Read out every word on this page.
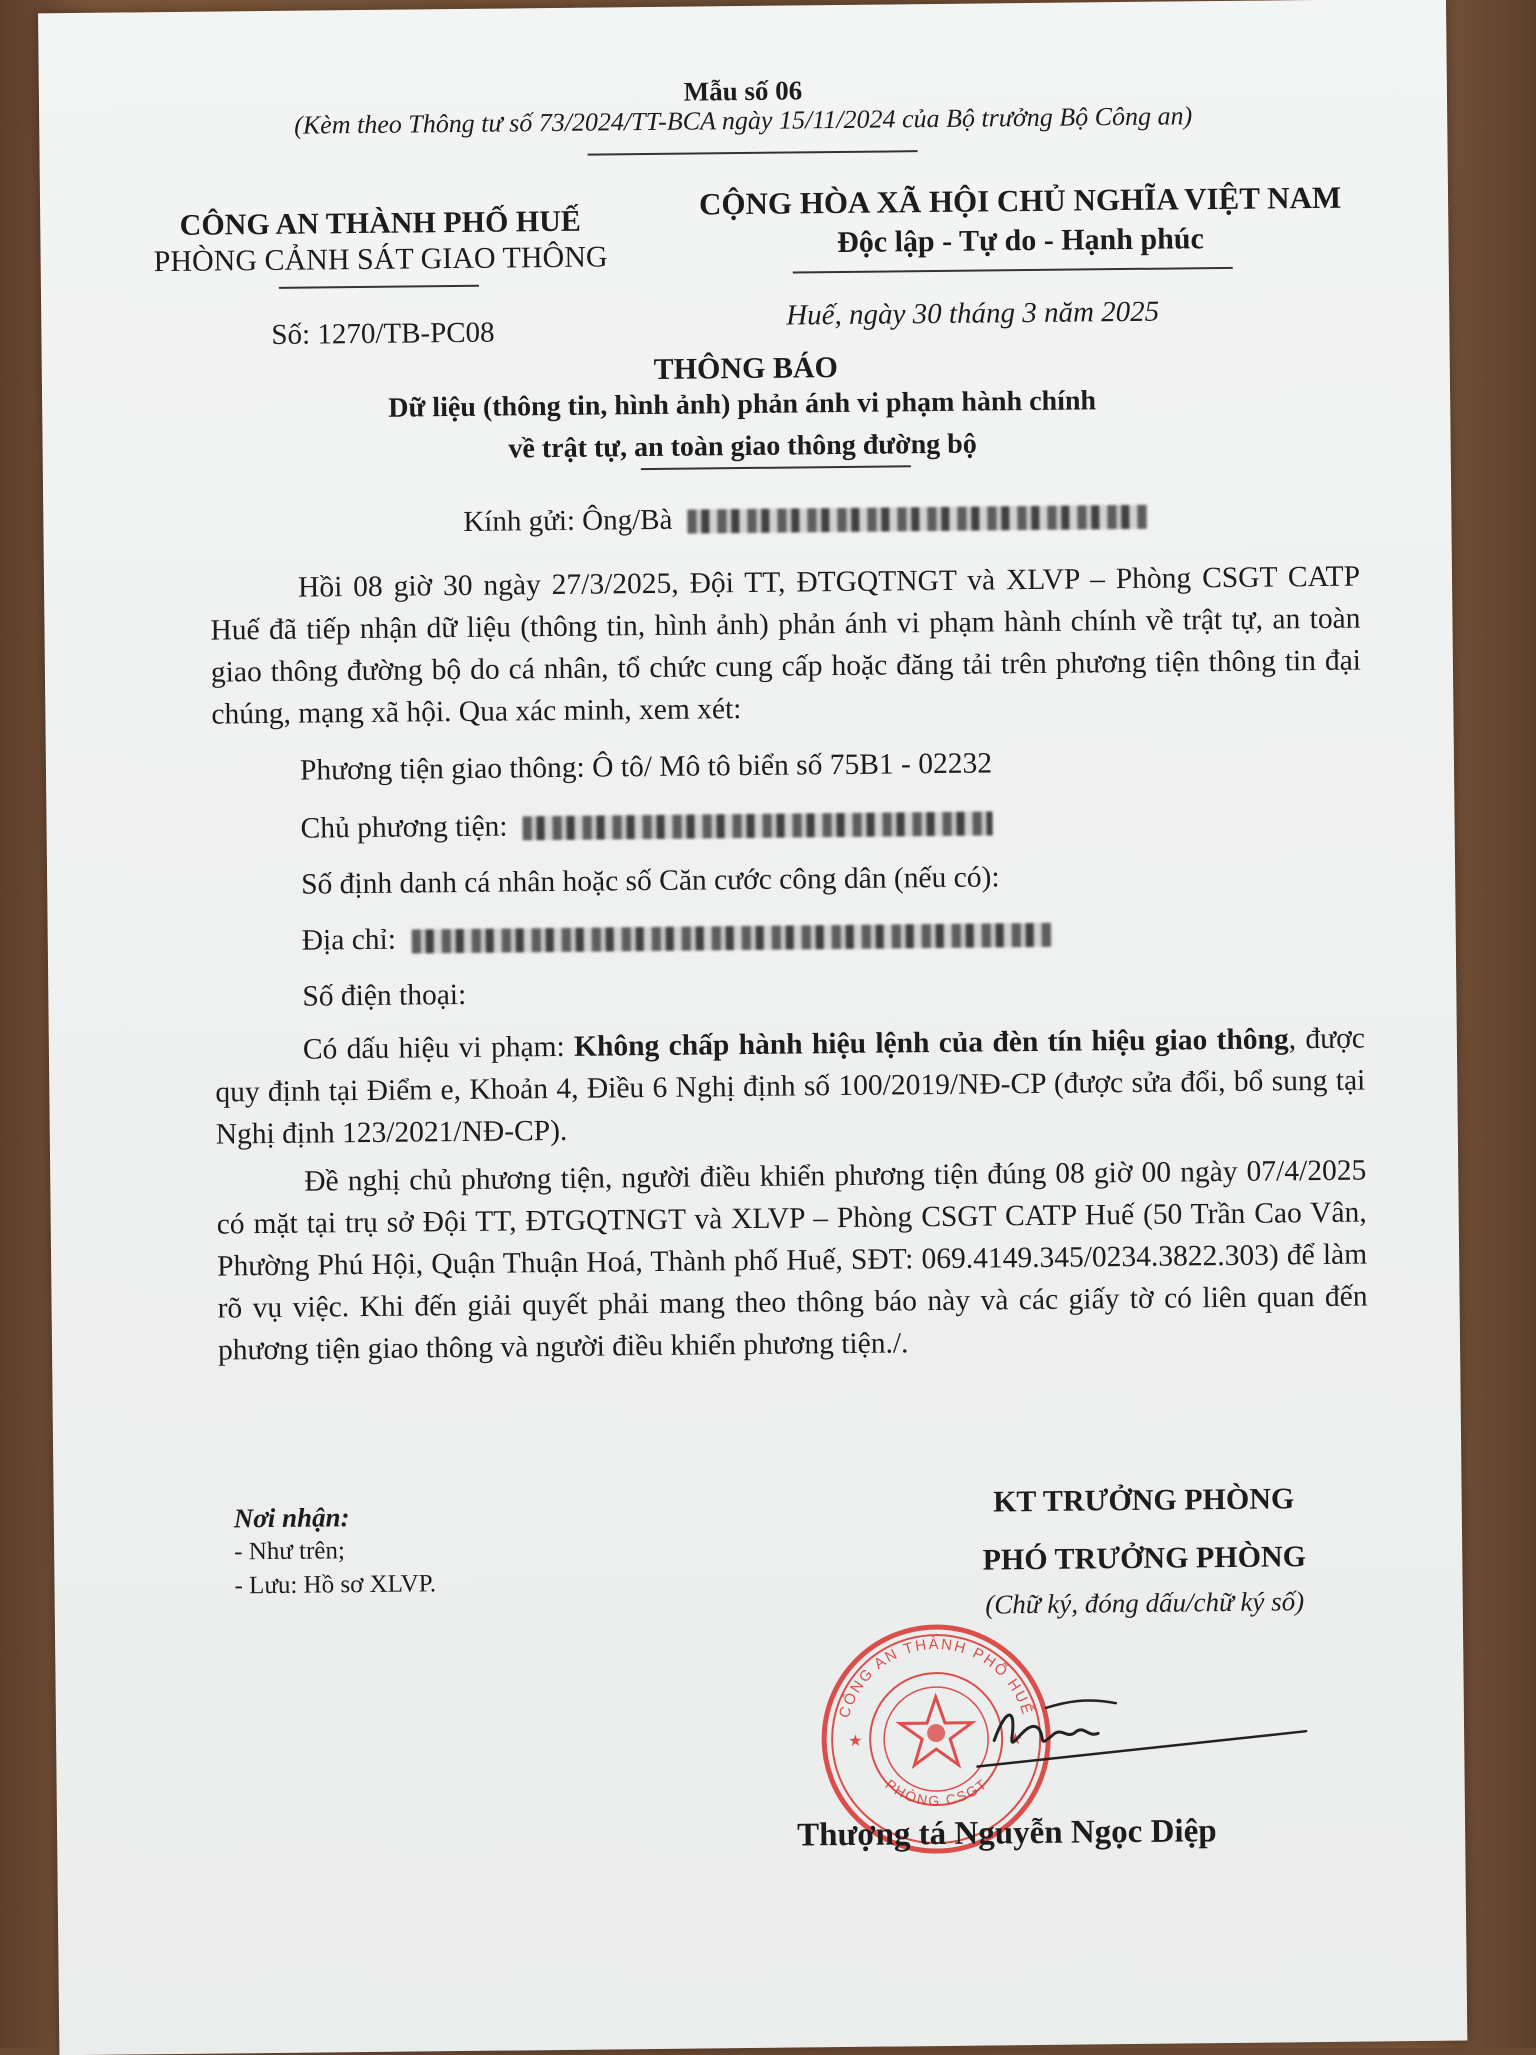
Mẫu số 06
(Kèm theo Thông tư số 73/2024/TT-BCA ngày 15/11/2024 của Bộ trưởng Bộ Công an)
CÔNG AN THÀNH PHỐ HUẾ
PHÒNG CẢNH SÁT GIAO THÔNG
CỘNG HÒA XÃ HỘI CHỦ NGHĨA VIỆT NAM
Độc lập - Tự do - Hạnh phúc
Số: 1270/TB-PC08
Huế, ngày 30 tháng 3 năm 2025
THÔNG BÁO
Dữ liệu (thông tin, hình ảnh) phản ánh vi phạm hành chính
về trật tự, an toàn giao thông đường bộ
Kính gửi: Ông/Bà

Hồi 08 giờ 30 ngày 27/3/2025, Đội TT, ĐTGQTNGT và XLVP – Phòng CSGT CATP Huế đã tiếp nhận dữ liệu (thông tin, hình ảnh) phản ánh vi phạm hành chính về trật tự, an toàn giao thông đường bộ do cá nhân, tổ chức cung cấp hoặc đăng tải trên phương tiện thông tin đại chúng, mạng xã hội. Qua xác minh, xem xét:

Phương tiện giao thông: Ô tô/ Mô tô biển số 75B1 - 02232
Chủ phương tiện:
Số định danh cá nhân hoặc số Căn cước công dân (nếu có):
Địa chỉ:
Số điện thoại:

Có dấu hiệu vi phạm: Không chấp hành hiệu lệnh của đèn tín hiệu giao thông, được quy định tại Điểm e, Khoản 4, Điều 6 Nghị định số 100/2019/NĐ-CP (được sửa đổi, bổ sung tại Nghị định 123/2021/NĐ-CP).

Đề nghị chủ phương tiện, người điều khiển phương tiện đúng 08 giờ 00 ngày 07/4/2025 có mặt tại trụ sở Đội TT, ĐTGQTNGT và XLVP – Phòng CSGT CATP Huế (50 Trần Cao Vân, Phường Phú Hội, Quận Thuận Hoá, Thành phố Huế, SĐT: 069.4149.345/0234.3822.303) để làm rõ vụ việc. Khi đến giải quyết phải mang theo thông báo này và các giấy tờ có liên quan đến phương tiện giao thông và người điều khiển phương tiện./.

Nơi nhận:
- Như trên;
- Lưu: Hồ sơ XLVP.
KT TRƯỞNG PHÒNG
PHÓ TRƯỞNG PHÒNG
(Chữ ký, đóng dấu/chữ ký số)
CÔNG AN THÀNH PHỐ HUẾ
PHÒNG CSGT
★	★
Thượng tá Nguyễn Ngọc Diệp
